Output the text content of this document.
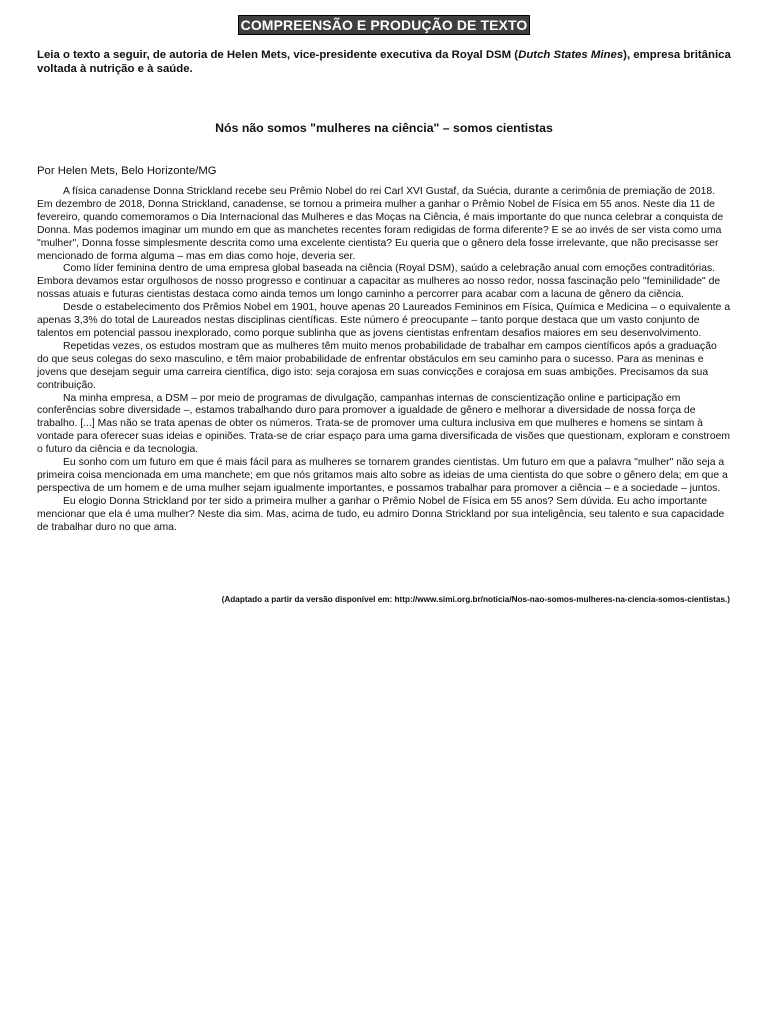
COMPREENSÃO E PRODUÇÃO DE TEXTO
Leia o texto a seguir, de autoria de Helen Mets, vice-presidente executiva da Royal DSM (Dutch States Mines), empresa britânica voltada à nutrição e à saúde.
Nós não somos "mulheres na ciência" – somos cientistas
Por Helen Mets, Belo Horizonte/MG

A física canadense Donna Strickland recebe seu Prêmio Nobel do rei Carl XVI Gustaf, da Suécia, durante a cerimônia de premiação de 2018. Em dezembro de 2018, Donna Strickland, canadense, se tornou a primeira mulher a ganhar o Prêmio Nobel de Física em 55 anos. Neste dia 11 de fevereiro, quando comemoramos o Dia Internacional das Mulheres e das Moças na Ciência, é mais importante do que nunca celebrar a conquista de Donna. Mas podemos imaginar um mundo em que as manchetes recentes foram redigidas de forma diferente? E se ao invés de ser vista como uma "mulher", Donna fosse simplesmente descrita como uma excelente cientista? Eu queria que o gênero dela fosse irrelevante, que não precisasse ser mencionado de forma alguma – mas em dias como hoje, deveria ser.

Como líder feminina dentro de uma empresa global baseada na ciência (Royal DSM), saúdo a celebração anual com emoções contraditórias. Embora devamos estar orgulhosos de nosso progresso e continuar a capacitar as mulheres ao nosso redor, nossa fascinação pelo "feminilidade" de nossas atuais e futuras cientistas destaca como ainda temos um longo caminho a percorrer para acabar com a lacuna de gênero da ciência.

Desde o estabelecimento dos Prêmios Nobel em 1901, houve apenas 20 Laureados Femininos em Física, Química e Medicina – o equivalente a apenas 3,3% do total de Laureados nestas disciplinas científicas. Este número é preocupante – tanto porque destaca que um vasto conjunto de talentos em potencial passou inexplorado, como porque sublinha que as jovens cientistas enfrentam desafios maiores em seu desenvolvimento.

Repetidas vezes, os estudos mostram que as mulheres têm muito menos probabilidade de trabalhar em campos científicos após a graduação do que seus colegas do sexo masculino, e têm maior probabilidade de enfrentar obstáculos em seu caminho para o sucesso. Para as meninas e jovens que desejam seguir uma carreira científica, digo isto: seja corajosa em suas convicções e corajosa em suas ambições. Precisamos da sua contribuição.

Na minha empresa, a DSM – por meio de programas de divulgação, campanhas internas de conscientização online e participação em conferências sobre diversidade –, estamos trabalhando duro para promover a igualdade de gênero e melhorar a diversidade de nossa força de trabalho. [...] Mas não se trata apenas de obter os números. Trata-se de promover uma cultura inclusiva em que mulheres e homens se sintam à vontade para oferecer suas ideias e opiniões. Trata-se de criar espaço para uma gama diversificada de visões que questionam, exploram e constroem o futuro da ciência e da tecnologia.

Eu sonho com um futuro em que é mais fácil para as mulheres se tornarem grandes cientistas. Um futuro em que a palavra "mulher" não seja a primeira coisa mencionada em uma manchete; em que nós gritamos mais alto sobre as ideias de uma cientista do que sobre o gênero dela; em que a perspectiva de um homem e de uma mulher sejam igualmente importantes, e possamos trabalhar para promover a ciência – e a sociedade – juntos.

Eu elogio Donna Strickland por ter sido a primeira mulher a ganhar o Prêmio Nobel de Física em 55 anos? Sem dúvida. Eu acho importante mencionar que ela é uma mulher? Neste dia sim. Mas, acima de tudo, eu admiro Donna Strickland por sua inteligência, seu talento e sua capacidade de trabalhar duro no que ama.

(Adaptado a partir da versão disponível em: http://www.simi.org.br/noticia/Nos-nao-somos-mulheres-na-ciencia-somos-cientistas.)
